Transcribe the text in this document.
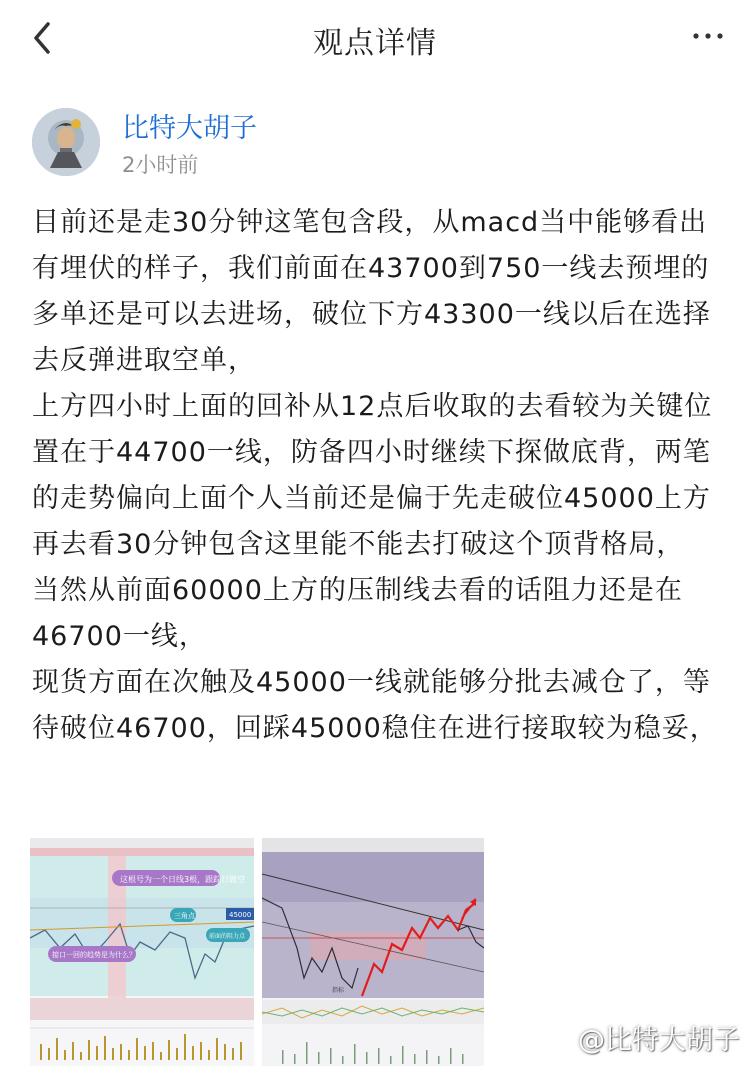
观点详情
比特大胡子
2小时前

目前还是走30分钟这笔包含段，从macd当中能够看出有埋伏的样子，我们前面在43700到750一线去预埋的多单还是可以去进场，破位下方43300一线以后在选择去反弹进取空单，

上方四小时上面的回补从12点后收取的去看较为关键位置在于44700一线，防备四小时继续下探做底背，两笔的走势偏向上面个人当前还是偏于先走破位45000上方再去看30分钟包含这里能不能去打破这个顶背格局，

当然从前面60000上方的压制线去看的话阻力还是在46700一线，

现货方面在次触及45000一线就能够分批去减仓了，等待破位46700，回踩45000稳住在进行接取较为稳妥，

这根号为一个日线3根，跟踪日做空
三角点	45000
前面的阻力点
接口一回的趋势是为什么？
指标
@比特大胡子
